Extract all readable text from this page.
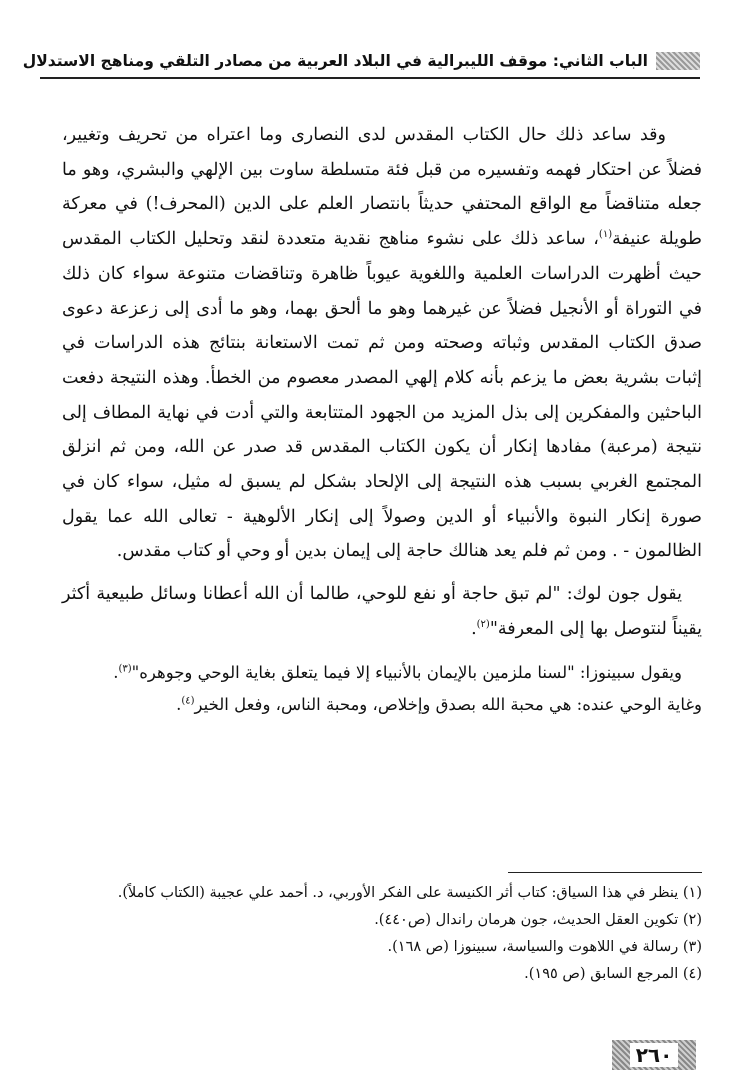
الباب الثاني: موقف الليبرالية في البلاد العربية من مصادر التلقي ومناهج الاستدلال

وقد ساعد ذلك حال الكتاب المقدس لدى النصارى وما اعتراه من تحريف وتغيير، فضلاً عن احتكار فهمه وتفسيره من قبل فئة متسلطة ساوت بين الإلهي والبشري، وهو ما جعله متناقضاً مع الواقع المحتفي حديثاً بانتصار العلم على الدين (المحرف!) في معركة طويلة عنيفة$^{(١)}$، ساعد ذلك على نشوء مناهج نقدية متعددة لنقد وتحليل الكتاب المقدس حيث أظهرت الدراسات العلمية واللغوية عيوباً ظاهرة وتناقضات متنوعة سواء كان ذلك في التوراة أو الأنجيل فضلاً عن غيرهما وهو ما ألحق بهما، وهو ما أدى إلى زعزعة دعوى صدق الكتاب المقدس وثباته وصحته ومن ثم تمت الاستعانة بنتائج هذه الدراسات في إثبات بشرية بعض ما يزعم بأنه كلام إلهي المصدر معصوم من الخطأ. وهذه النتيجة دفعت الباحثين والمفكرين إلى بذل المزيد من الجهود المتتابعة والتي أدت في نهاية المطاف إلى نتيجة (مرعبة) مفادها إنكار أن يكون الكتاب المقدس قد صدر عن الله، ومن ثم انزلق المجتمع الغربي بسبب هذه النتيجة إلى الإلحاد بشكل لم يسبق له مثيل، سواء كان في صورة إنكار النبوة والأنبياء أو الدين وصولاً إلى إنكار الألوهية - تعالى الله عما يقول الظالمون - . ومن ثم فلم يعد هنالك حاجة إلى إيمان بدين أو وحي أو كتاب مقدس.

يقول جون لوك: "لم تبق حاجة أو نفع للوحي، طالما أن الله أعطانا وسائل طبيعية أكثر يقيناً لنتوصل بها إلى المعرفة"$^{(٢)}$.

ويقول سبينوزا: "لسنا ملزمين بالإيمان بالأنبياء إلا فيما يتعلق بغاية الوحي وجوهره"$^{(٣)}$.
وغاية الوحي عنده: هي محبة الله بصدق وإخلاص، ومحبة الناس، وفعل الخير$^{(٤)}$.

(١) ينظر في هذا السياق: كتاب أثر الكنيسة على الفكر الأوربي، د. أحمد علي عجيبة (الكتاب كاملاً).
(٢) تكوين العقل الحديث، جون هرمان راندال (ص٤٤٠).
(٣) رسالة في اللاهوت والسياسة، سبينوزا (ص ١٦٨).
(٤) المرجع السابق (ص ١٩٥).
٢٦٠
